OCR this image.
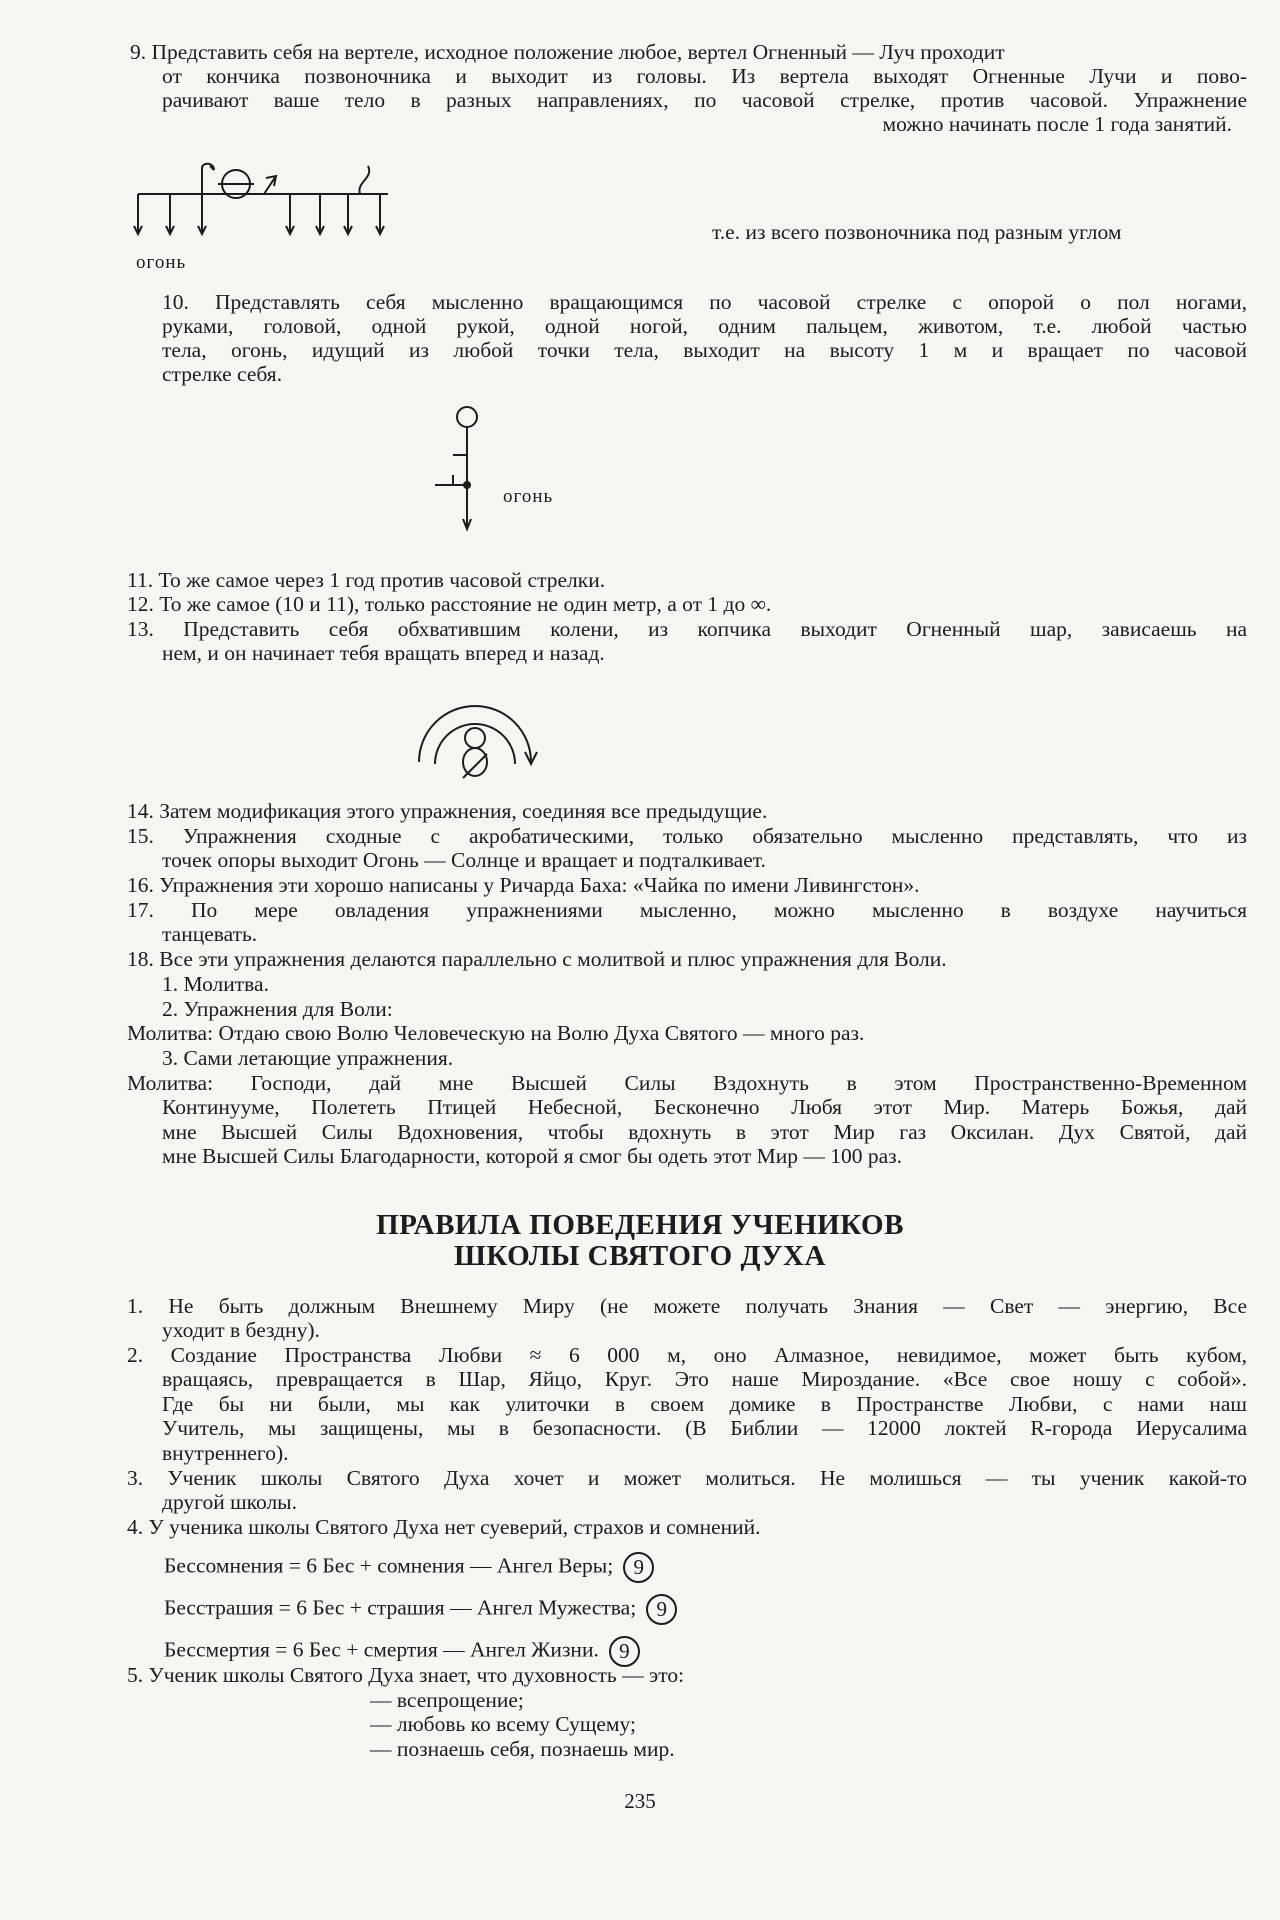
9. Представить себя на вертеле, исходное положение любое, вертел Огненный — Луч проходит
от кончика позвоночника и выходит из головы. Из вертела выходят Огненные Лучи и пово-
рачивают ваше тело в разных направлениях, по часовой стрелке, против часовой. Упражнение
можно начинать после 1 года занятий.
огонь
т.е. из всего позвоночника под разным углом
10. Представлять себя мысленно вращающимся по часовой стрелке с опорой о пол ногами,
руками, головой, одной рукой, одной ногой, одним пальцем, животом, т.е. любой частью
тела, огонь, идущий из любой точки тела, выходит на высоту 1 м и вращает по часовой
стрелке себя.
огонь
11. То же самое через 1 год против часовой стрелки.
12. То же самое (10 и 11), только расстояние не один метр, а от 1 до ∞.
13. Представить себя обхватившим колени, из копчика выходит Огненный шар, зависаешь на
нем, и он начинает тебя вращать вперед и назад.
14. Затем модификация этого упражнения, соединяя все предыдущие.
15. Упражнения сходные с акробатическими, только обязательно мысленно представлять, что из
точек опоры выходит Огонь — Солнце и вращает и подталкивает.
16. Упражнения эти хорошо написаны у Ричарда Баха: «Чайка по имени Ливингстон».
17. По мере овладения упражнениями мысленно, можно мысленно в воздухе научиться
танцевать.
18. Все эти упражнения делаются параллельно с молитвой и плюс упражнения для Воли.
1. Молитва.
2. Упражнения для Воли:
Молитва: Отдаю свою Волю Человеческую на Волю Духа Святого — много раз.
3. Сами летающие упражнения.
Молитва: Господи, дай мне Высшей Силы Вздохнуть в этом Пространственно-Временном
Континууме, Полететь Птицей Небесной, Бесконечно Любя этот Мир. Матерь Божья, дай
мне Высшей Силы Вдохновения, чтобы вдохнуть в этот Мир газ Оксилан. Дух Святой, дай
мне Высшей Силы Благодарности, которой я смог бы одеть этот Мир — 100 раз.
ПРАВИЛА ПОВЕДЕНИЯ УЧЕНИКОВ
ШКОЛЫ СВЯТОГО ДУХА
1. Не быть должным Внешнему Миру (не можете получать Знания — Свет — энергию, Все
уходит в бездну).
2. Создание Пространства Любви ≈ 6 000 м, оно Алмазное, невидимое, может быть кубом,
вращаясь, превращается в Шар, Яйцо, Круг. Это наше Мироздание. «Все свое ношу с собой».
Где бы ни были, мы как улиточки в своем домике в Пространстве Любви, с нами наш
Учитель, мы защищены, мы в безопасности. (В Библии — 12000 локтей R-города Иерусалима
внутреннего).
3. Ученик школы Святого Духа хочет и может молиться. Не молишься — ты ученик какой-то
другой школы.
4. У ученика школы Святого Духа нет суеверий, страхов и сомнений.
Бессомнения = 6 Бес + сомнения — Ангел Веры; 9
Бесстрашия = 6 Бес + страшия — Ангел Мужества; 9
Бессмертия = 6 Бес + смертия — Ангел Жизни. 9
5. Ученик школы Святого Духа знает, что духовность — это:
— всепрощение;
— любовь ко всему Сущему;
— познаешь себя, познаешь мир.
235
